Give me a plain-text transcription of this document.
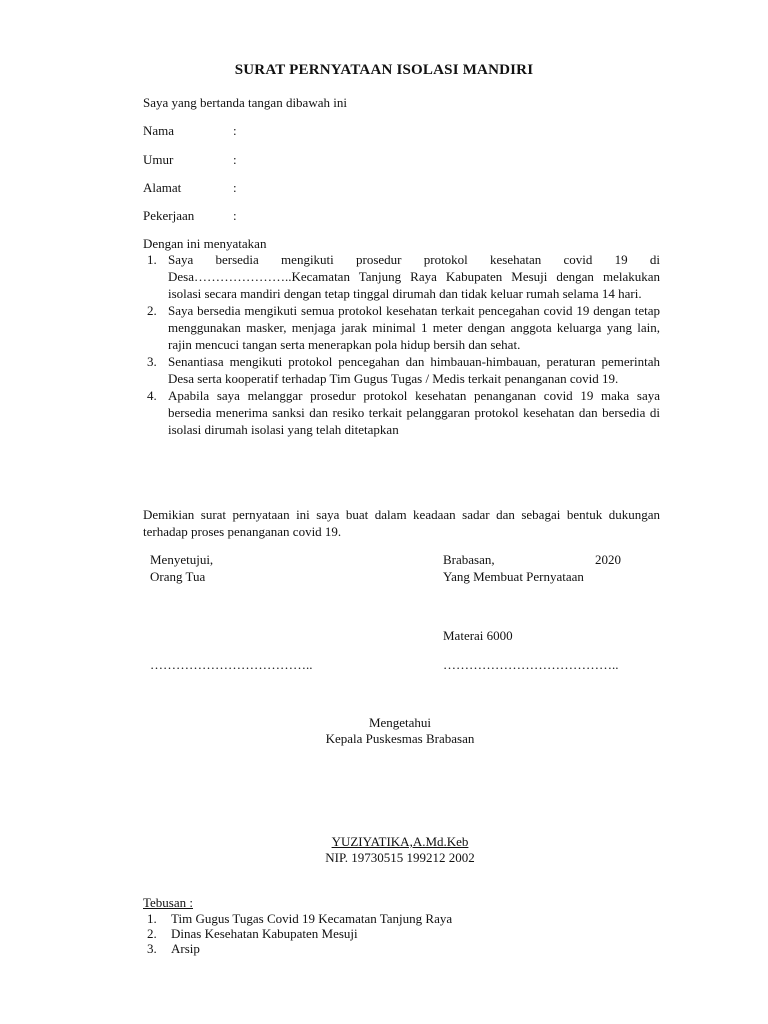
SURAT PERNYATAAN ISOLASI MANDIRI
Saya yang bertanda tangan dibawah ini
Nama	:
Umur	:
Alamat	:
Pekerjaan	:
Dengan ini menyatakan
1. Saya bersedia mengikuti prosedur protokol kesehatan covid 19 di Desa…………………..Kecamatan Tanjung Raya Kabupaten Mesuji dengan melakukan isolasi secara mandiri dengan tetap tinggal dirumah dan tidak keluar rumah selama 14 hari.
2. Saya bersedia mengikuti semua protokol kesehatan terkait pencegahan covid 19 dengan tetap menggunakan masker, menjaga jarak minimal 1 meter dengan anggota keluarga yang lain, rajin mencuci tangan serta menerapkan pola hidup bersih dan sehat.
3. Senantiasa mengikuti protokol pencegahan dan himbauan-himbauan, peraturan pemerintah Desa serta kooperatif terhadap Tim Gugus Tugas / Medis terkait penanganan covid 19.
4. Apabila saya melanggar prosedur protokol kesehatan penanganan covid 19 maka saya bersedia menerima sanksi dan resiko terkait pelanggaran protokol kesehatan dan bersedia di isolasi dirumah isolasi yang telah ditetapkan
Demikian surat pernyataan ini saya buat dalam keadaan sadar dan sebagai bentuk dukungan terhadap proses penanganan covid 19.
Menyetujui,
Orang Tua
Brabasan,	2020
Yang Membuat Pernyataan
Materai 6000
………………………………..	…………………………………..
Mengetahui
Kepala Puskesmas Brabasan
YUZIYATIKA,A.Md.Keb
NIP. 19730515 199212 2002
Tebusan :
1. Tim Gugus Tugas Covid 19 Kecamatan Tanjung Raya
2. Dinas Kesehatan Kabupaten Mesuji
3. Arsip
